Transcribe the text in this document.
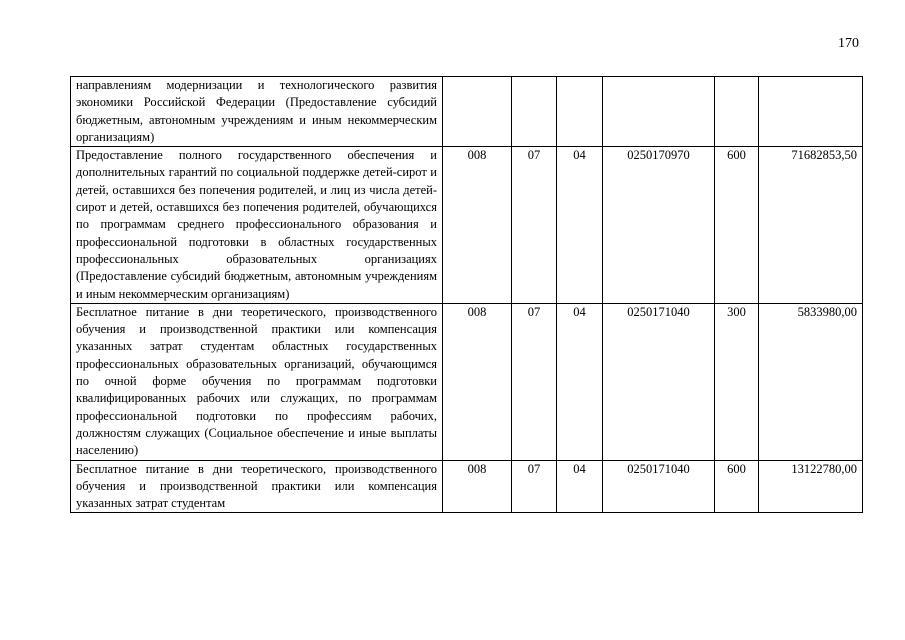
170
направлениям модернизации и технологического развития экономики Российской Федерации (Предоставление субсидий бюджетным, автономным учреждениям и иным некоммерческим организациям)						
Предоставление полного государственного обеспечения и дополнительных гарантий по социальной поддержке детей-сирот и детей, оставшихся без попечения родителей, и лиц из числа детей-сирот и детей, оставшихся без попечения родителей, обучающихся по программам среднего профессионального образования и профессиональной подготовки в областных государственных профессиональных образовательных организациях (Предоставление субсидий бюджетным, автономным учреждениям и иным некоммерческим организациям)	008	07	04	0250170970	600	71682853,50
Бесплатное питание в дни теоретического, производственного обучения и производственной практики или компенсация указанных затрат студентам областных государственных профессиональных образовательных организаций, обучающимся по очной форме обучения по программам подготовки квалифицированных рабочих или служащих, по программам профессиональной подготовки по профессиям рабочих, должностям служащих (Социальное обеспечение и иные выплаты населению)	008	07	04	0250171040	300	5833980,00
Бесплатное питание в дни теоретического, производственного обучения и производственной практики или компенсация указанных затрат студентам	008	07	04	0250171040	600	13122780,00
